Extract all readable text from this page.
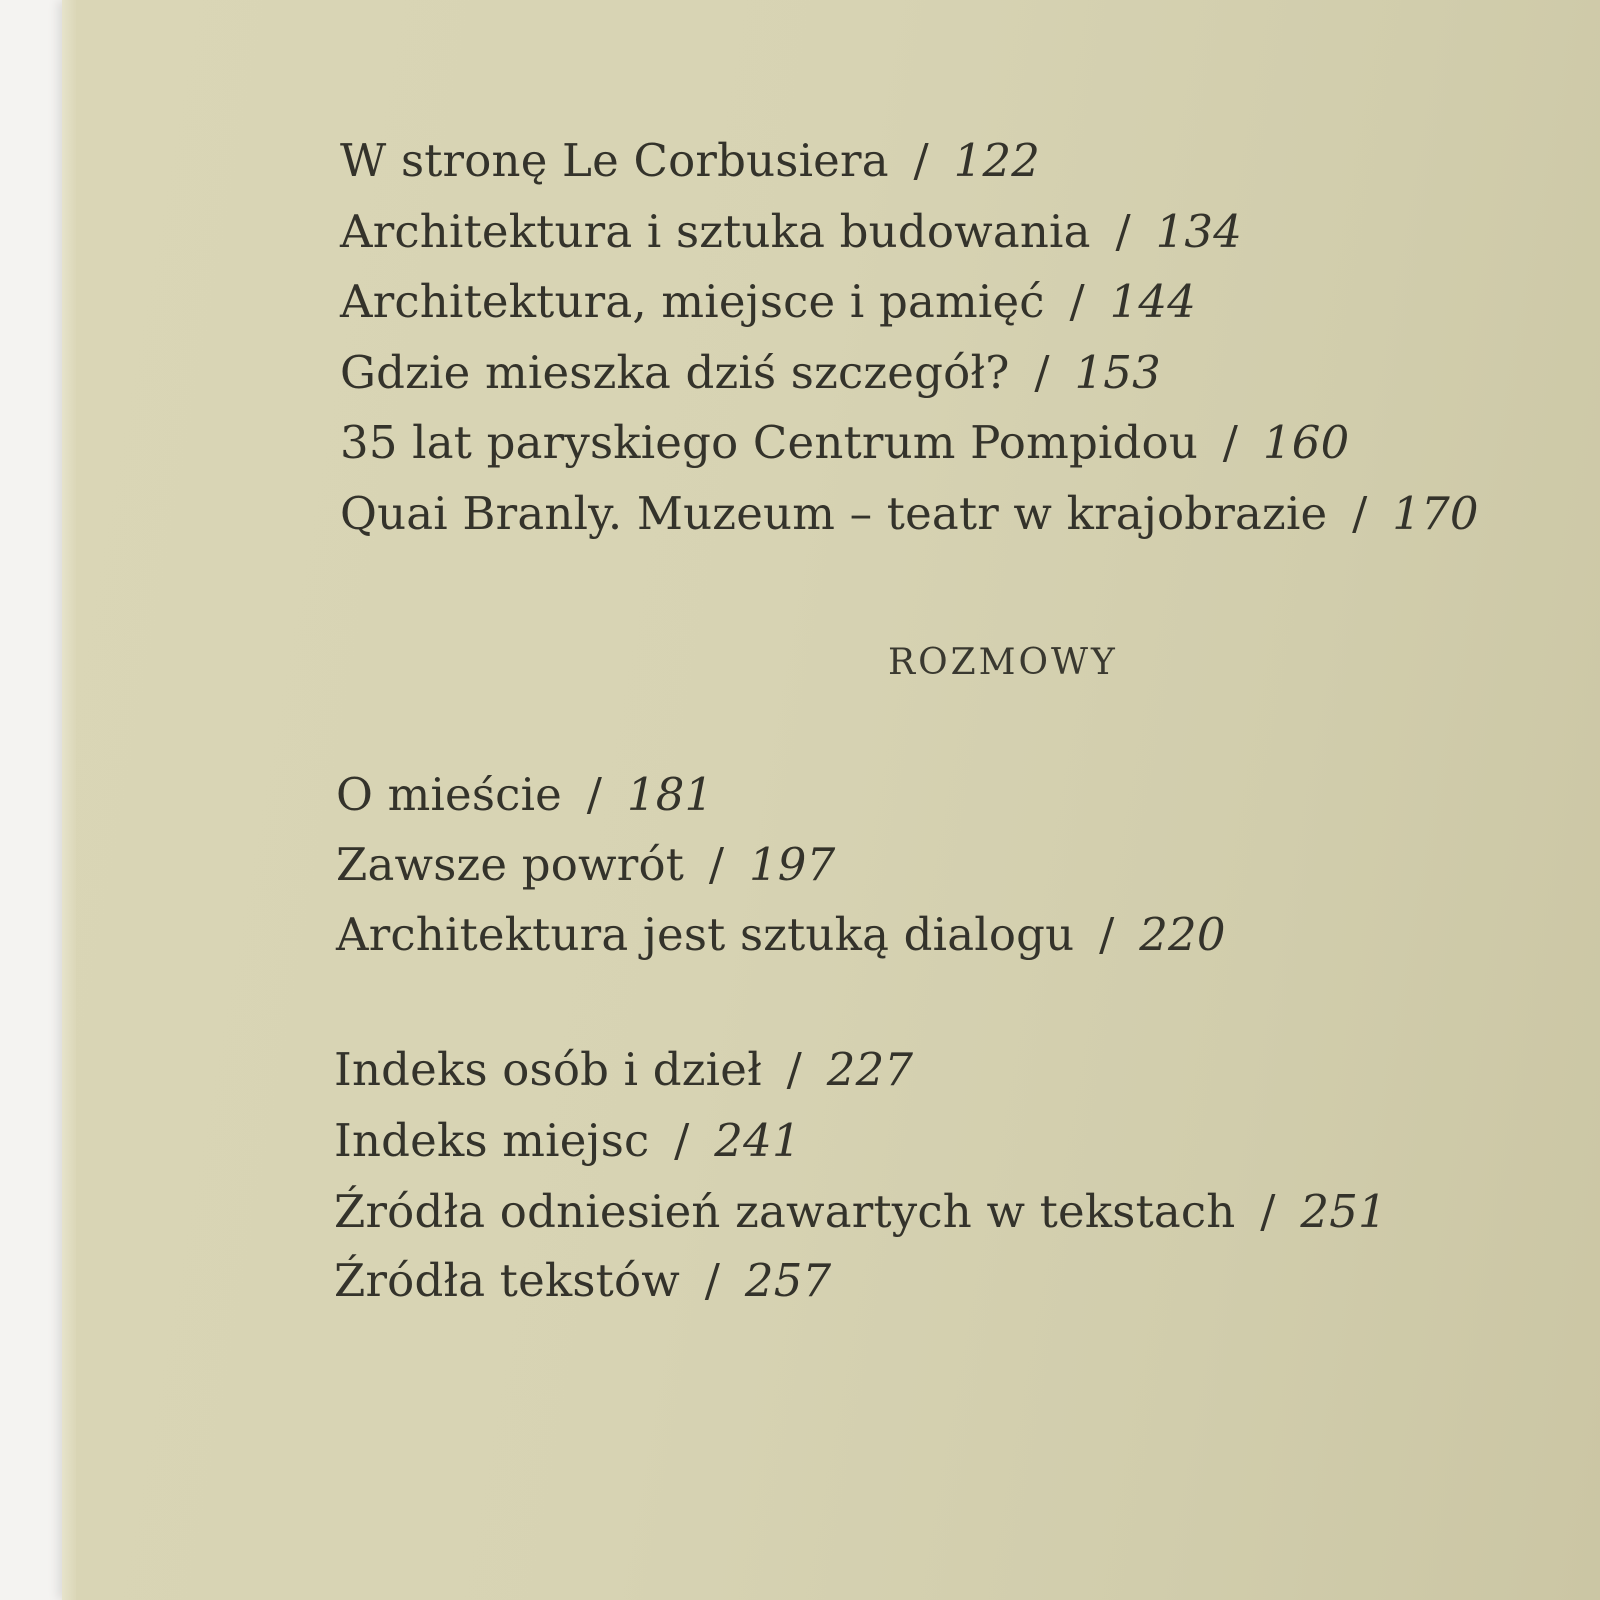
W stronę Le Corbusiera / 122
Architektura i sztuka budowania / 134
Architektura, miejsce i pamięć / 144
Gdzie mieszka dziś szczegół? / 153
35 lat paryskiego Centrum Pompidou / 160
Quai Branly. Muzeum – teatr w krajobrazie / 170
ROZMOWY
O mieście / 181
Zawsze powrót / 197
Architektura jest sztuką dialogu / 220
Indeks osób i dzieł / 227
Indeks miejsc / 241
Źródła odniesień zawartych w tekstach / 251
Źródła tekstów / 257
